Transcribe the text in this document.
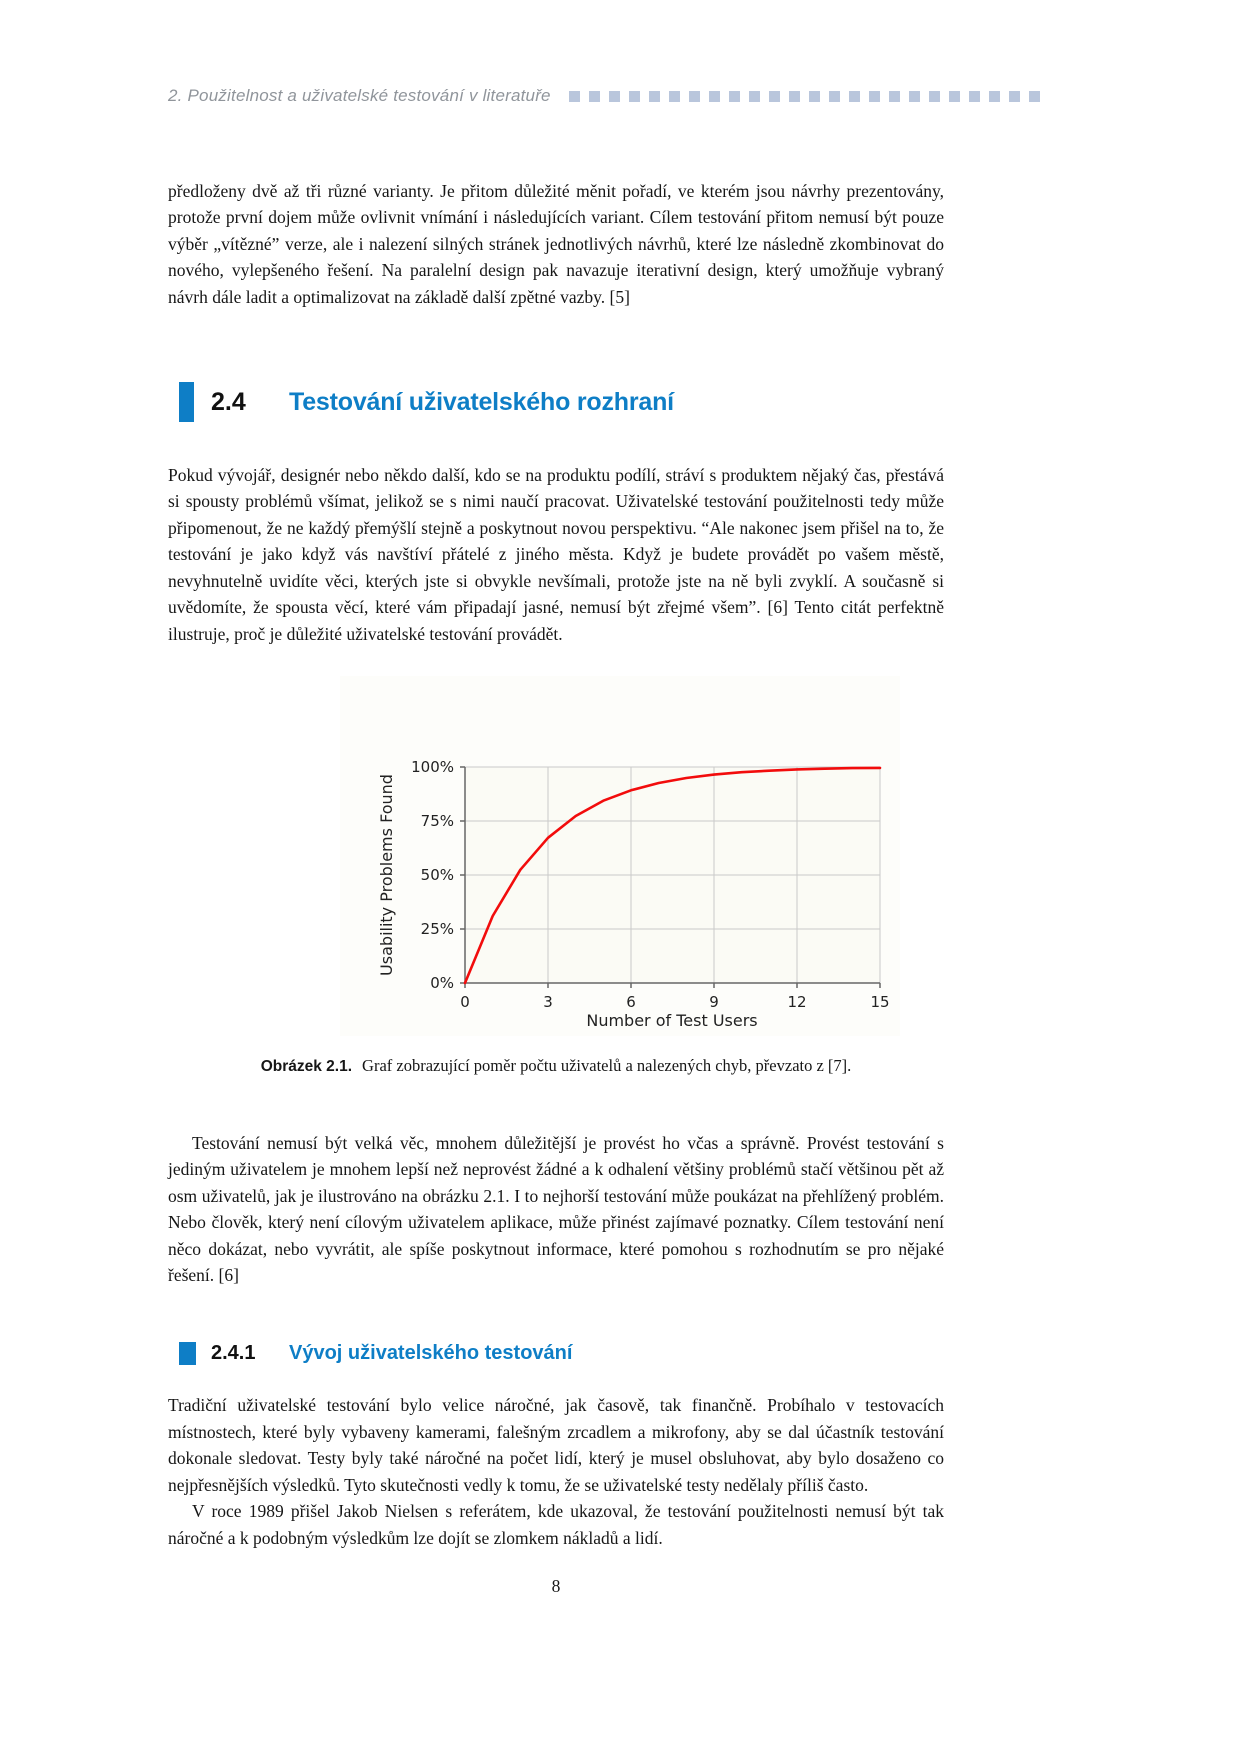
2. Použitelnost a uživatelské testování v literatuře

předloženy dvě až tři různé varianty. Je přitom důležité měnit pořadí, ve kterém jsou návrhy prezentovány, protože první dojem může ovlivnit vnímání i následujících variant. Cílem testování přitom nemusí být pouze výběr „vítězné” verze, ale i nalezení silných stránek jednotlivých návrhů, které lze následně zkombinovat do nového, vylepšeného řešení. Na paralelní design pak navazuje iterativní design, který umožňuje vybraný návrh dále ladit a optimalizovat na základě další zpětné vazby. [5]

2.4	Testování uživatelského rozhraní

Pokud vývojář, designér nebo někdo další, kdo se na produktu podílí, stráví s produktem nějaký čas, přestává si spousty problémů všímat, jelikož se s nimi naučí pracovat. Uživatelské testování použitelnosti tedy může připomenout, že ne každý přemýšlí stejně a poskytnout novou perspektivu. “Ale nakonec jsem přišel na to, že testování je jako když vás navštíví přátelé z jiného města. Když je budete provádět po vašem městě, nevyhnutelně uvidíte věci, kterých jste si obvykle nevšímali, protože jste na ně byli zvyklí. A současně si uvědomíte, že spousta věcí, které vám připadají jasné, nemusí být zřejmé všem”. [6] Tento citát perfektně ilustruje, proč je důležité uživatelské testování provádět.

0	3	6	9	12	15
0%
25%
50%
75%
100%
Number of Test Users
Usability Problems Found
Obrázek 2.1. Graf zobrazující poměr počtu uživatelů a nalezených chyb, převzato z [7].

Testování nemusí být velká věc, mnohem důležitější je provést ho včas a správně. Provést testování s jediným uživatelem je mnohem lepší než neprovést žádné a k odhalení většiny problémů stačí většinou pět až osm uživatelů, jak je ilustrováno na obrázku 2.1. I to nejhorší testování může poukázat na přehlížený problém. Nebo člověk, který není cílovým uživatelem aplikace, může přinést zajímavé poznatky. Cílem testování není něco dokázat, nebo vyvrátit, ale spíše poskytnout informace, které pomohou s rozhodnutím se pro nějaké řešení. [6]

2.4.1	Vývoj uživatelského testování

Tradiční uživatelské testování bylo velice náročné, jak časově, tak finančně. Probíhalo v testovacích místnostech, které byly vybaveny kamerami, falešným zrcadlem a mikrofony, aby se dal účastník testování dokonale sledovat. Testy byly také náročné na počet lidí, který je musel obsluhovat, aby bylo dosaženo co nejpřesnějších výsledků. Tyto skutečnosti vedly k tomu, že se uživatelské testy nedělaly příliš často.

V roce 1989 přišel Jakob Nielsen s referátem, kde ukazoval, že testování použitelnosti nemusí být tak náročné a k podobným výsledkům lze dojít se zlomkem nákladů a lidí.

8
